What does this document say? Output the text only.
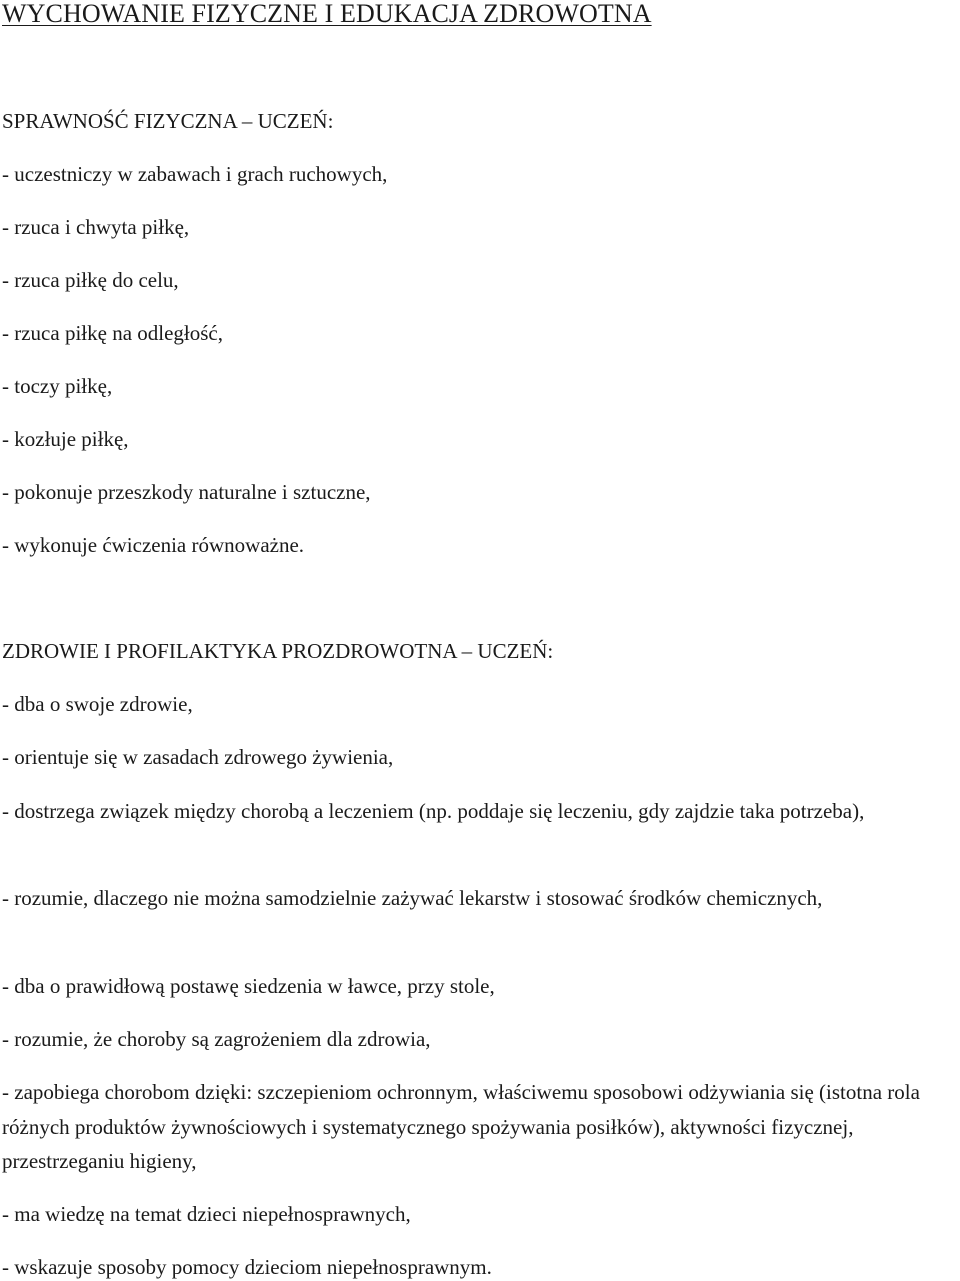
WYCHOWANIE FIZYCZNE I EDUKACJA ZDROWOTNA

SPRAWNOŚĆ FIZYCZNA – UCZEŃ:

- uczestniczy w zabawach i grach ruchowych,

- rzuca i chwyta piłkę,

- rzuca piłkę do celu,

- rzuca piłkę na odległość,

- toczy piłkę,

- kozłuje piłkę,

- pokonuje przeszkody naturalne i sztuczne,

- wykonuje ćwiczenia równoważne.

ZDROWIE I PROFILAKTYKA PROZDROWOTNA – UCZEŃ:

- dba o swoje zdrowie,

- orientuje się w zasadach zdrowego żywienia,

- dostrzega związek między chorobą a leczeniem (np. poddaje się leczeniu, gdy zajdzie taka potrzeba),

- rozumie, dlaczego nie można samodzielnie zażywać lekarstw i stosować środków chemicznych,

- dba o prawidłową postawę siedzenia w ławce, przy stole,

- rozumie, że choroby są zagrożeniem dla zdrowia,

- zapobiega chorobom dzięki: szczepieniom ochronnym, właściwemu sposobowi odżywiania się (istotna rola różnych produktów żywnościowych i systematycznego spożywania posiłków), aktywności fizycznej, przestrzeganiu higieny,

- ma wiedzę na temat dzieci niepełnosprawnych,

- wskazuje sposoby pomocy dzieciom niepełnosprawnym.
